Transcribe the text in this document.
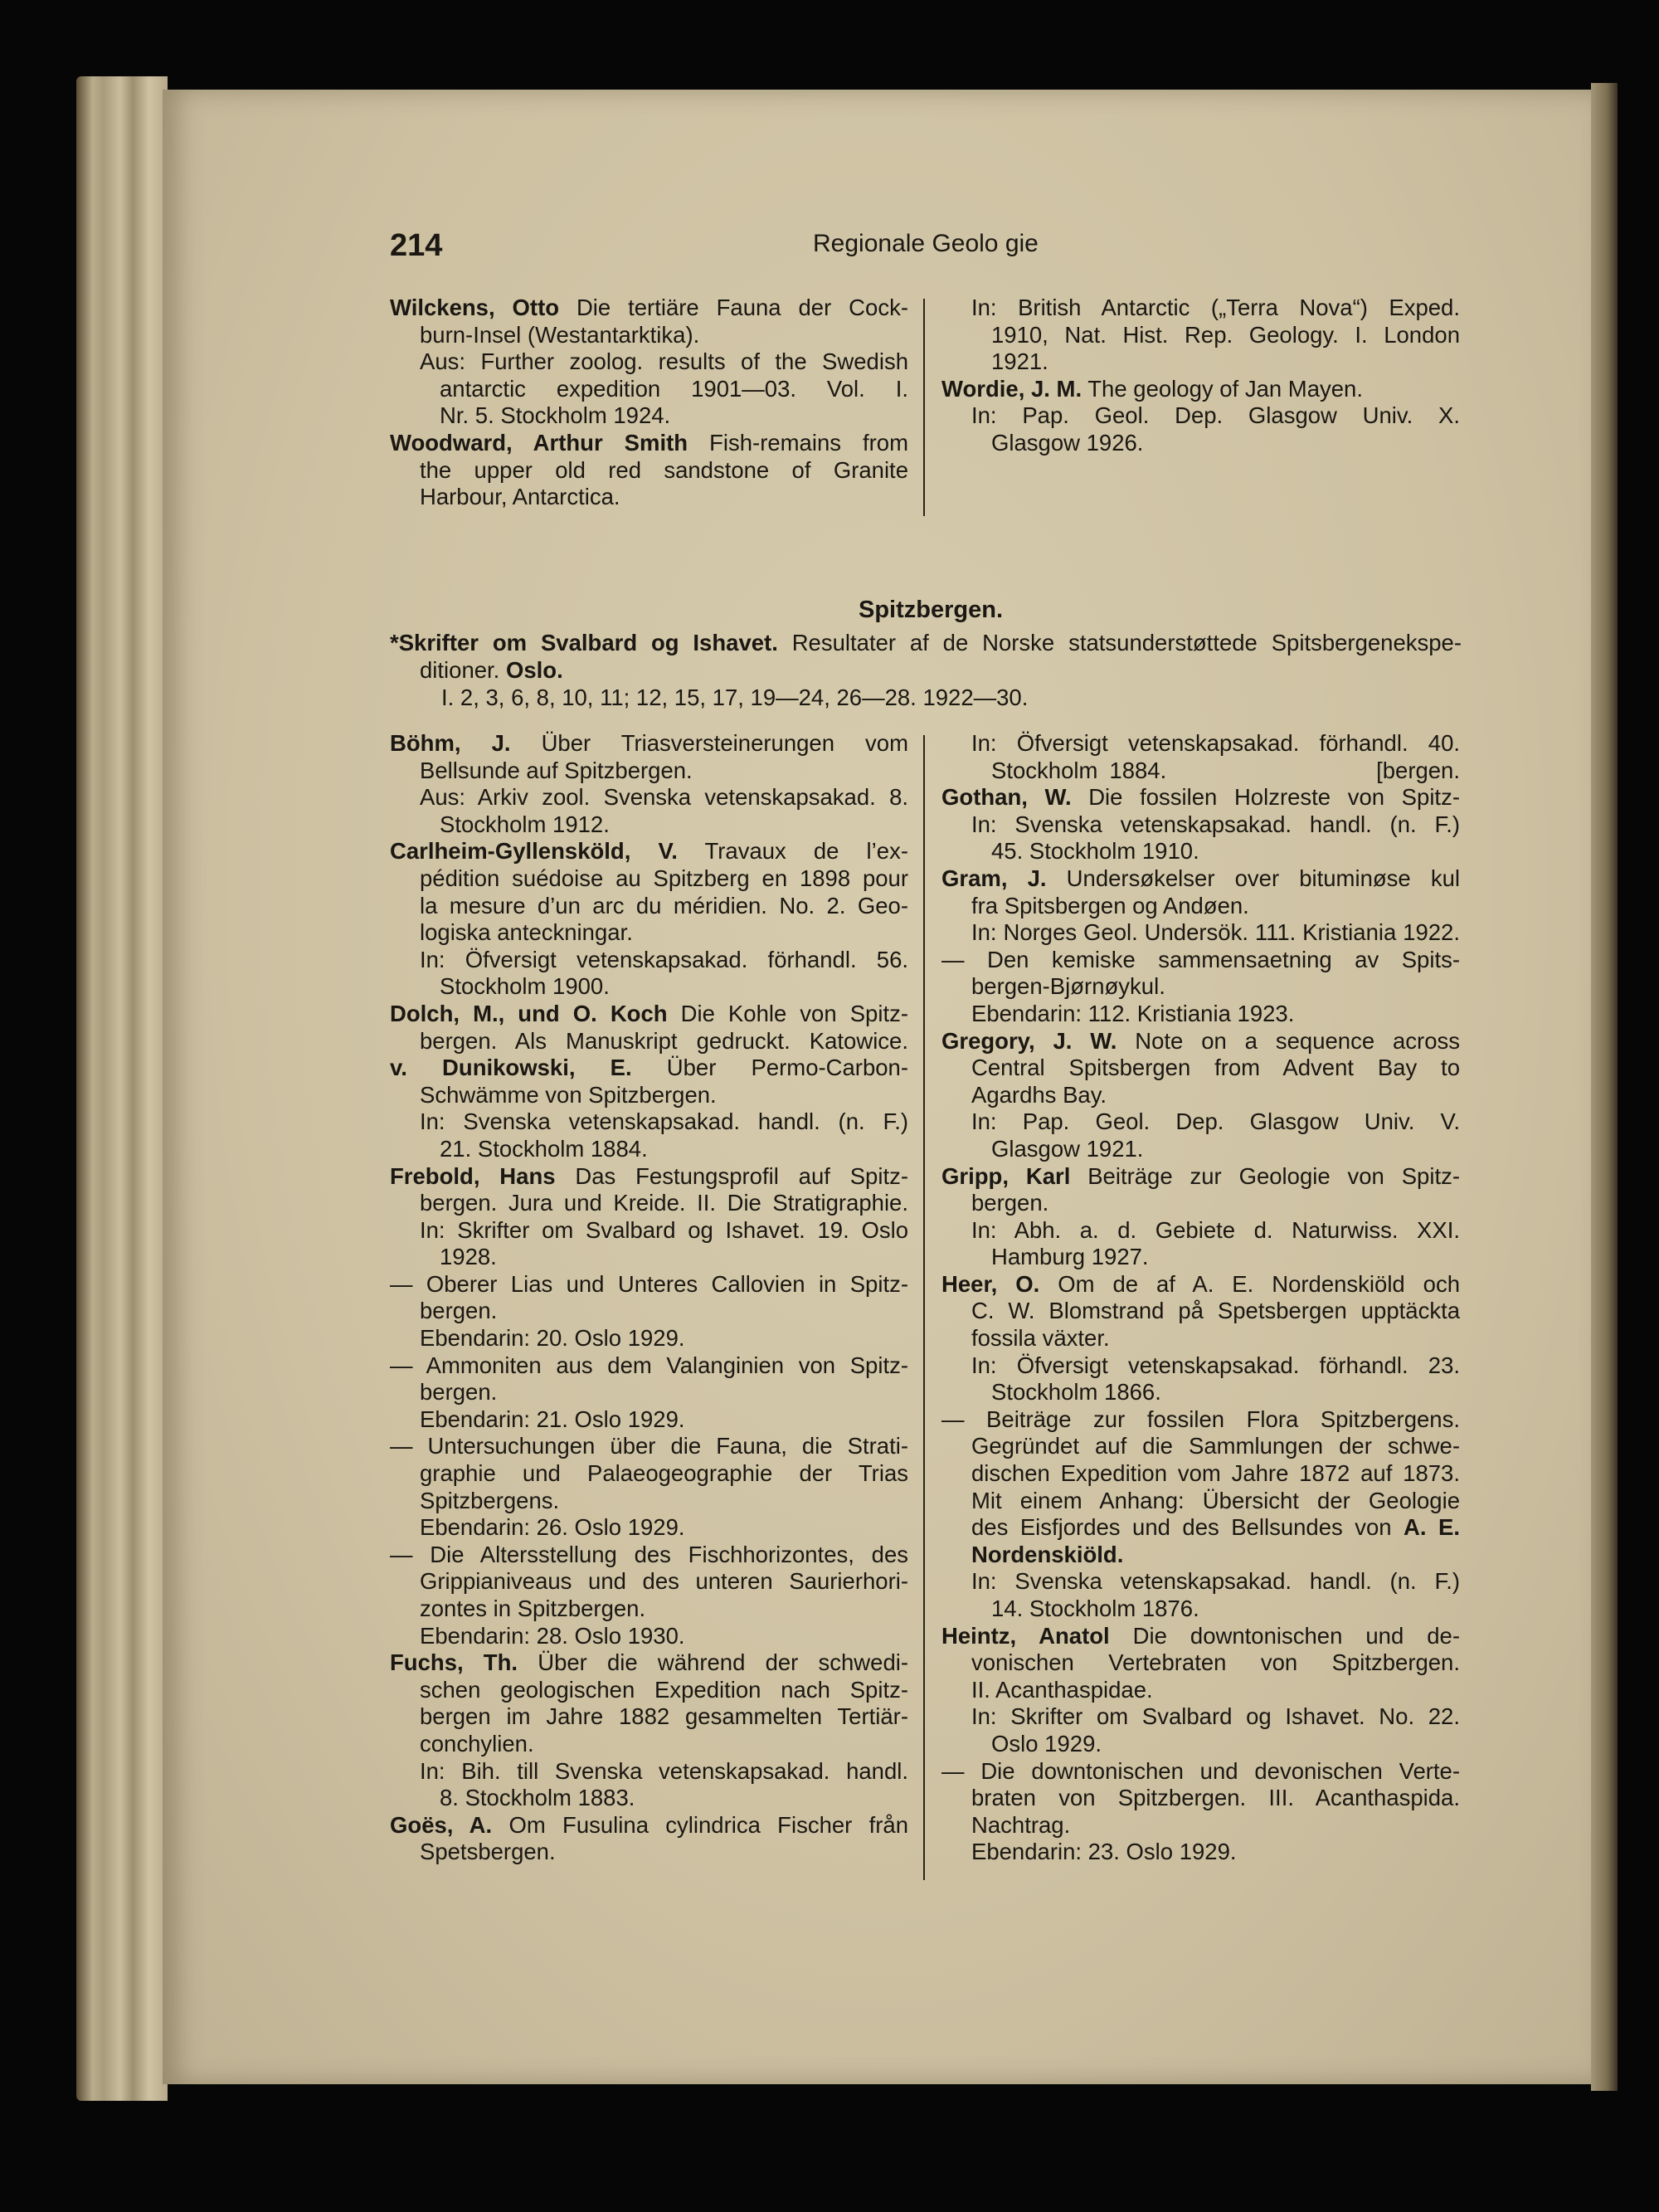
214	Regionale Geolo gie
Wilckens, Otto Die tertiäre Fauna der Cock-
burn-Insel (Westantarktika).
Aus: Further zoolog. results of the Swedish
antarctic expedition 1901—03. Vol. I.
Nr. 5. Stockholm 1924.
Woodward, Arthur Smith Fish-remains from
the upper old red sandstone of Granite
Harbour, Antarctica.
In: British Antarctic („Terra Nova“) Exped.
1910, Nat. Hist. Rep. Geology. I. London
1921.
Wordie, J. M. The geology of Jan Mayen.
In: Pap. Geol. Dep. Glasgow Univ. X.
Glasgow 1926.
Spitzbergen.
*Skrifter om Svalbard og Ishavet. Resultater af de Norske statsunderstøttede Spitsbergenekspe-
ditioner. Oslo.
I. 2, 3, 6, 8, 10, 11; 12, 15, 17, 19—24, 26—28. 1922—30.
Böhm, J. Über Triasversteinerungen vom
Bellsunde auf Spitzbergen.
Aus: Arkiv zool. Svenska vetenskapsakad. 8.
Stockholm 1912.
Carlheim-Gyllensköld, V. Travaux de l’ex-
pédition suédoise au Spitzberg en 1898 pour
la mesure d’un arc du méridien. No. 2. Geo-
logiska anteckningar.
In: Öfversigt vetenskapsakad. förhandl. 56.
Stockholm 1900.
Dolch, M., und O. Koch Die Kohle von Spitz-
bergen. Als Manuskript gedruckt. Katowice.
v. Dunikowski, E. Über Permo-Carbon-
Schwämme von Spitzbergen.
In: Svenska vetenskapsakad. handl. (n. F.)
21. Stockholm 1884.
Frebold, Hans Das Festungsprofil auf Spitz-
bergen. Jura und Kreide. II. Die Stratigraphie.
In: Skrifter om Svalbard og Ishavet. 19. Oslo
1928.
— Oberer Lias und Unteres Callovien in Spitz-
bergen.
Ebendarin: 20. Oslo 1929.
— Ammoniten aus dem Valanginien von Spitz-
bergen.
Ebendarin: 21. Oslo 1929.
— Untersuchungen über die Fauna, die Strati-
graphie und Palaeogeographie der Trias
Spitzbergens.
Ebendarin: 26. Oslo 1929.
— Die Altersstellung des Fischhorizontes, des
Grippianiveaus und des unteren Saurierhori-
zontes in Spitzbergen.
Ebendarin: 28. Oslo 1930.
Fuchs, Th. Über die während der schwedi-
schen geologischen Expedition nach Spitz-
bergen im Jahre 1882 gesammelten Tertiär-
conchylien.
In: Bih. till Svenska vetenskapsakad. handl.
8. Stockholm 1883.
Goës, A. Om Fusulina cylindrica Fischer från
Spetsbergen.
In: Öfversigt vetenskapsakad. förhandl. 40.
Stockholm 1884.                  [bergen.
Gothan, W. Die fossilen Holzreste von Spitz-
In: Svenska vetenskapsakad. handl. (n. F.)
45. Stockholm 1910.
Gram, J. Undersøkelser over bituminøse kul
fra Spitsbergen og Andøen.
In: Norges Geol. Undersök. 111. Kristiania 1922.
— Den kemiske sammensaetning av Spits-
bergen-Bjørnøykul.
Ebendarin: 112. Kristiania 1923.
Gregory, J. W. Note on a sequence across
Central Spitsbergen from Advent Bay to
Agardhs Bay.
In: Pap. Geol. Dep. Glasgow Univ. V.
Glasgow 1921.
Gripp, Karl Beiträge zur Geologie von Spitz-
bergen.
In: Abh. a. d. Gebiete d. Naturwiss. XXI.
Hamburg 1927.
Heer, O. Om de af A. E. Nordenskiöld och
C. W. Blomstrand på Spetsbergen upptäckta
fossila växter.
In: Öfversigt vetenskapsakad. förhandl. 23.
Stockholm 1866.
— Beiträge zur fossilen Flora Spitzbergens.
Gegründet auf die Sammlungen der schwe-
dischen Expedition vom Jahre 1872 auf 1873.
Mit einem Anhang: Übersicht der Geologie
des Eisfjordes und des Bellsundes von A. E.
Nordenskiöld.
In: Svenska vetenskapsakad. handl. (n. F.)
14. Stockholm 1876.
Heintz, Anatol Die downtonischen und de-
vonischen Vertebraten von Spitzbergen.
II. Acanthaspidae.
In: Skrifter om Svalbard og Ishavet. No. 22.
Oslo 1929.
— Die downtonischen und devonischen Verte-
braten von Spitzbergen. III. Acanthaspida.
Nachtrag.
Ebendarin: 23. Oslo 1929.
